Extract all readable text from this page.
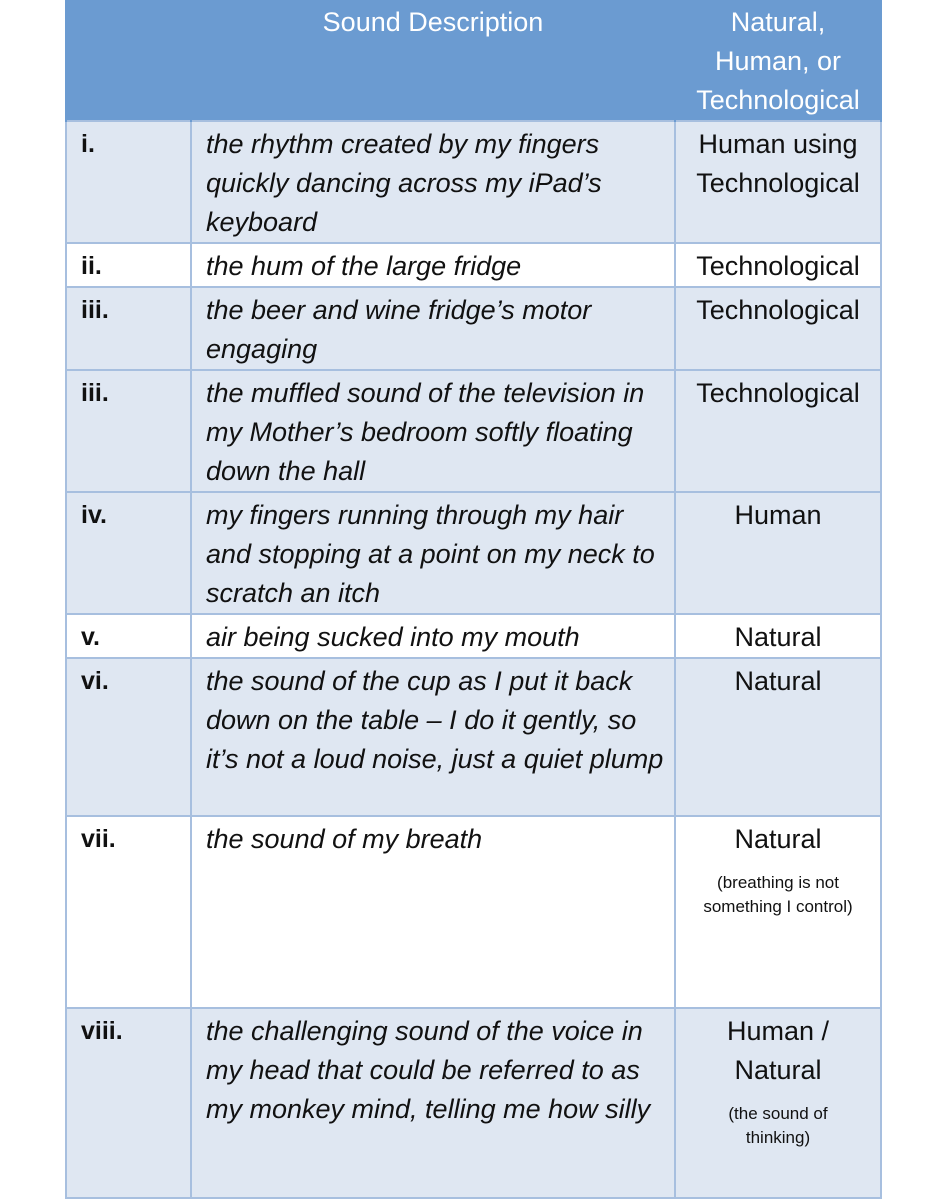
	Sound Description	Natural, Human, or Technological

i.	the rhythm created by my fingers quickly dancing across my iPad’s keyboard	Human using Technological

ii.	the hum of the large fridge	Technological
iii.	the beer and wine fridge’s motor engaging	Technological
iii.	the muffled sound of the television in my Mother’s bedroom softly floating down the hall	Technological
iv.	my fingers running through my hair and stopping at a point on my neck to scratch an itch	Human
v.	air being sucked into my mouth	Natural
vi.	the sound of the cup as I put it back down on the table – I do it gently, so it’s not a loud noise, just a quiet plump	Natural
vii.	the sound of my breath	Natural
(breathing is not something I control)

viii.	the challenging sound of the voice in my head that could be referred to as my monkey mind, telling me how silly	Human / Natural
(the sound of thinking)
